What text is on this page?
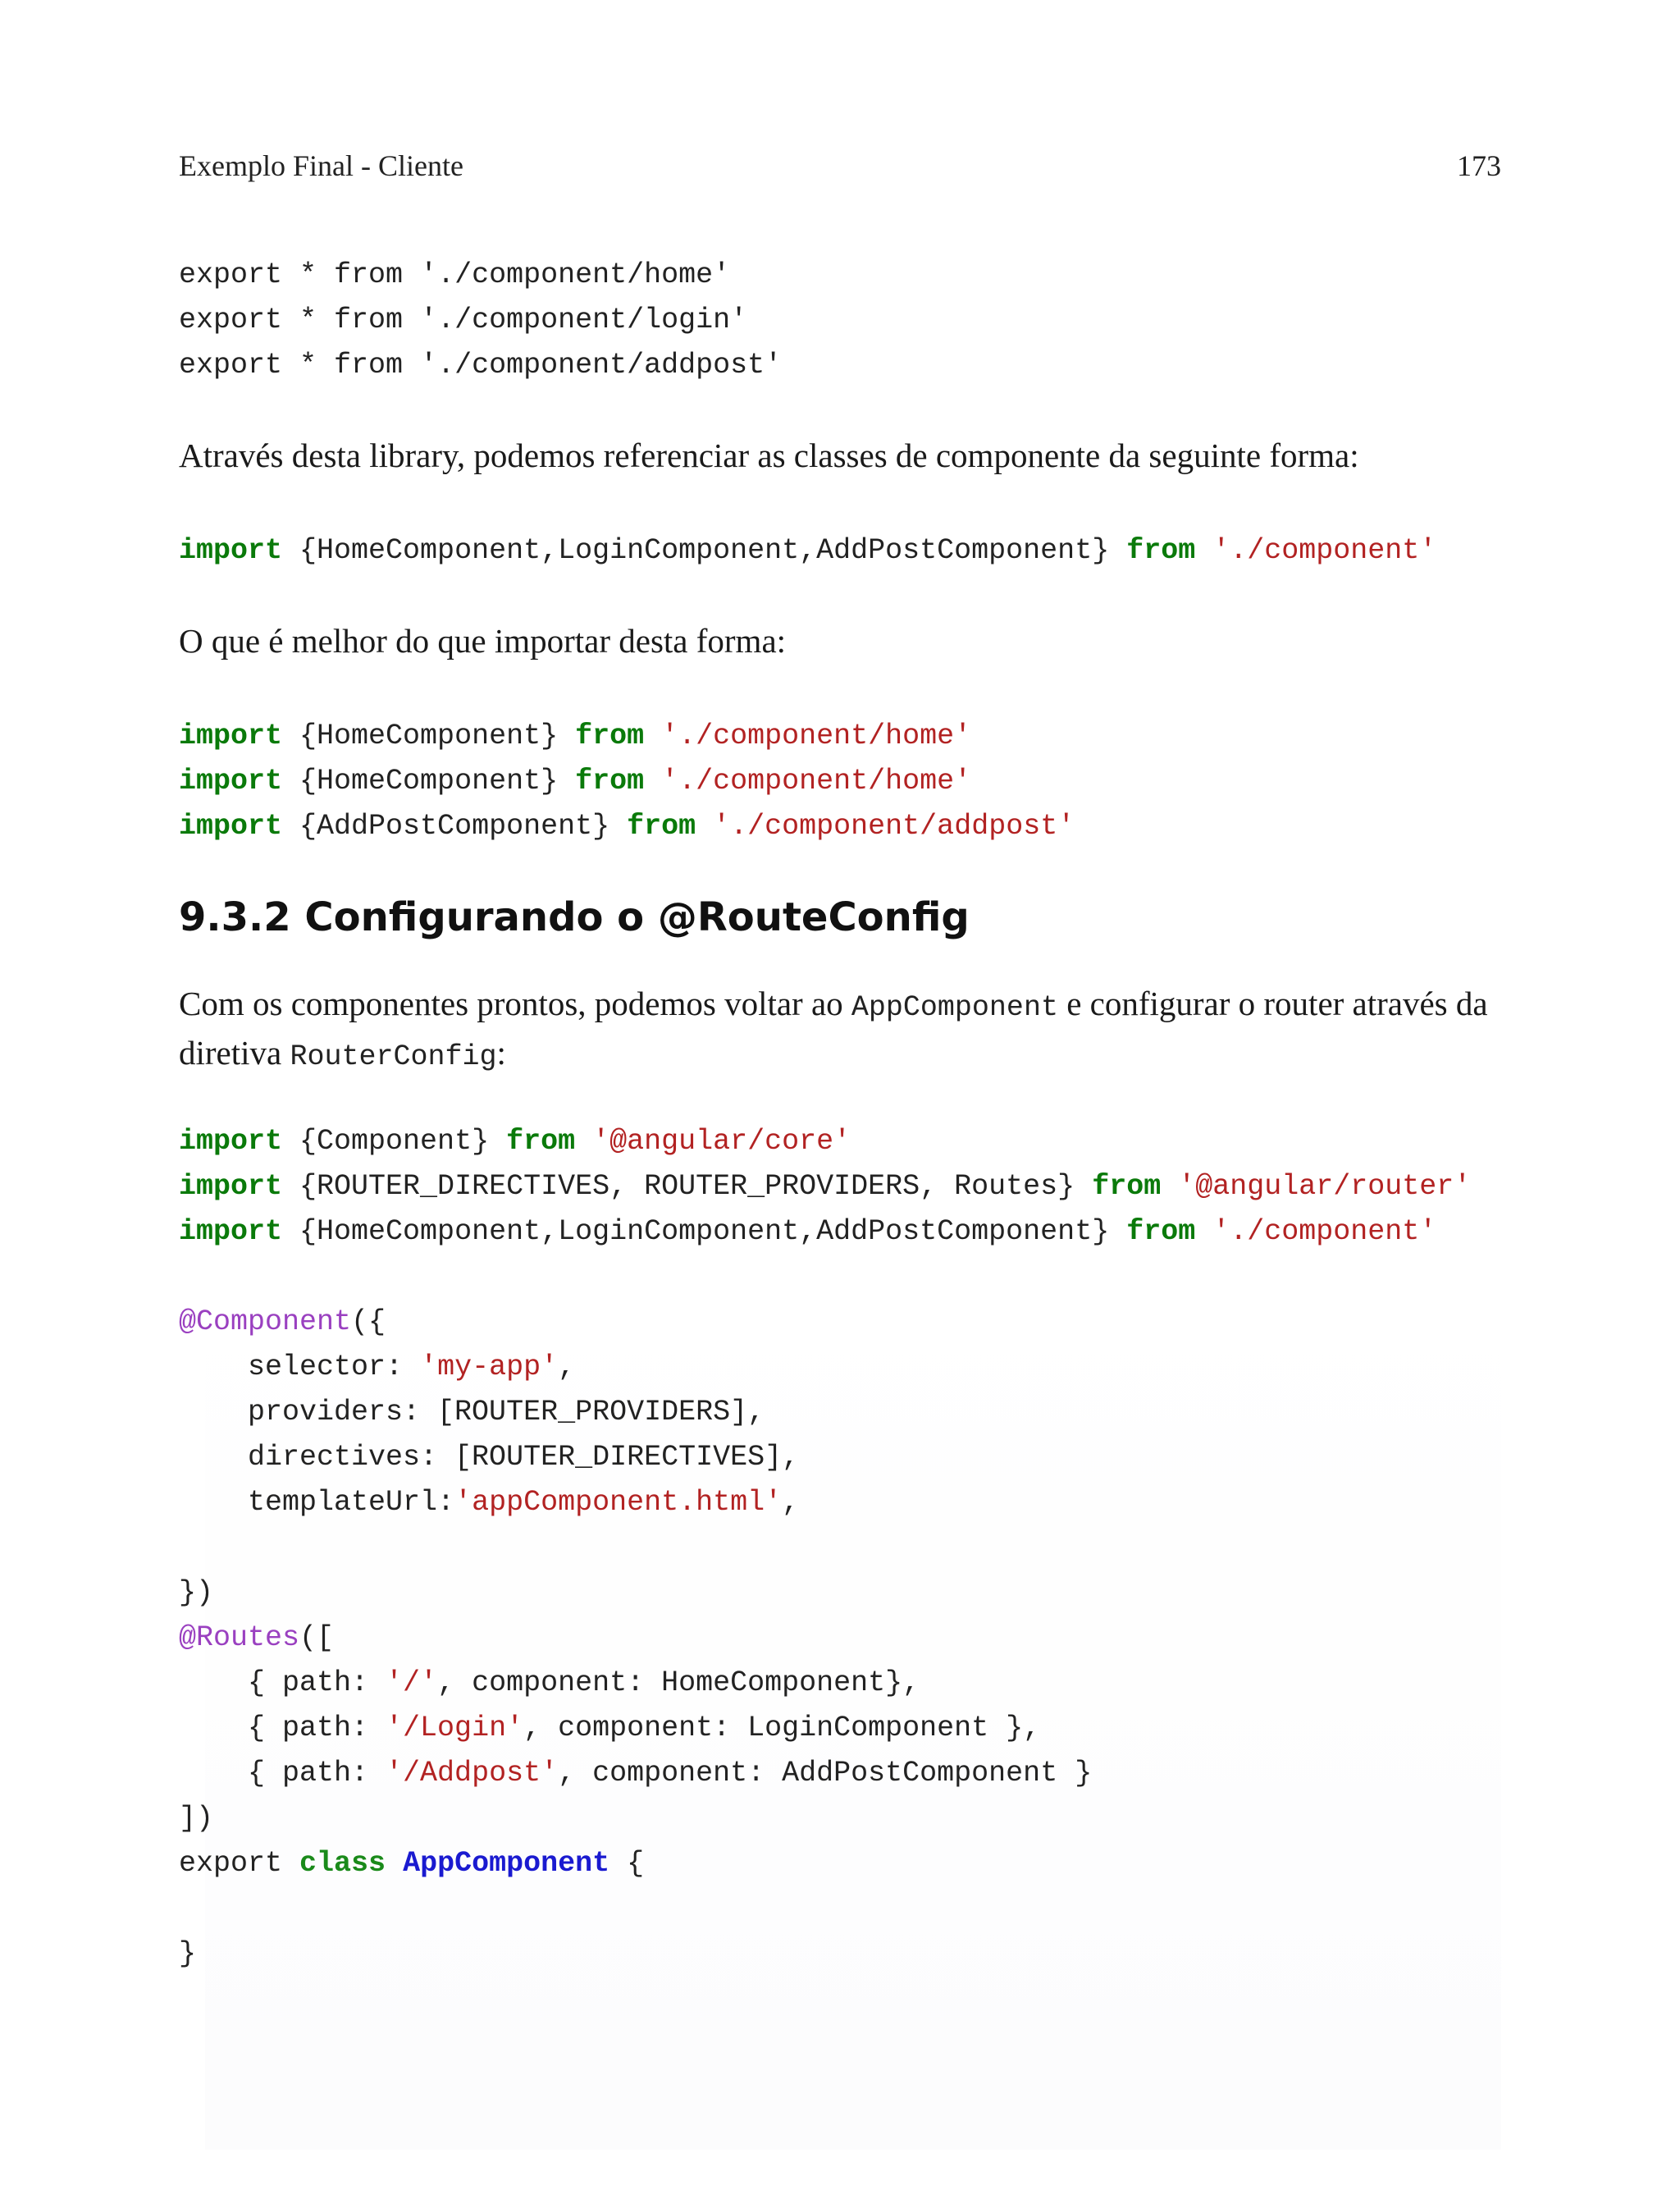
Exemplo Final - Cliente	173
export * from './component/home'
export * from './component/login'
export * from './component/addpost'

Através desta library, podemos referenciar as classes de componente da seguinte forma:

import {HomeComponent,LoginComponent,AddPostComponent} from './component'

O que é melhor do que importar desta forma:

import {HomeComponent} from './component/home'
import {HomeComponent} from './component/home'
import {AddPostComponent} from './component/addpost'
9.3.2 Configurando o @RouteConfig

Com os componentes prontos, podemos voltar ao AppComponent e configurar o router através da diretiva RouterConfig:

import {Component} from '@angular/core'
import {ROUTER_DIRECTIVES, ROUTER_PROVIDERS, Routes} from '@angular/router'
import {HomeComponent,LoginComponent,AddPostComponent} from './component'

@Component({
selector: 'my-app',
providers: [ROUTER_PROVIDERS],
directives: [ROUTER_DIRECTIVES],
templateUrl:'appComponent.html',

})
@Routes([
{ path: '/', component: HomeComponent},
{ path: '/Login', component: LoginComponent },
{ path: '/Addpost', component: AddPostComponent }
])
export class AppComponent {

}
